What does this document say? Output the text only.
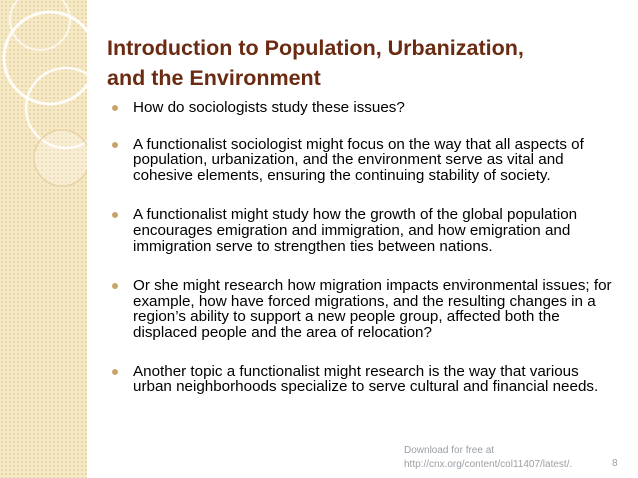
Introduction to Population, Urbanization,
and the Environment
How do sociologists study these issues?
A functionalist sociologist might focus on the way that all aspects of population, urbanization, and the environment serve as vital and cohesive elements, ensuring the continuing stability of society.
A functionalist might study how the growth of the global population encourages emigration and immigration, and how emigration and immigration serve to strengthen ties between nations.
Or she might research how migration impacts environmental issues; for example, how have forced migrations, and the resulting changes in a region’s ability to support a new people group, affected both the displaced people and the area of relocation?
Another topic a functionalist might research is the way that various urban neighborhoods specialize to serve cultural and financial needs.
Download for free at
http://cnx.org/content/col11407/latest/.	8
